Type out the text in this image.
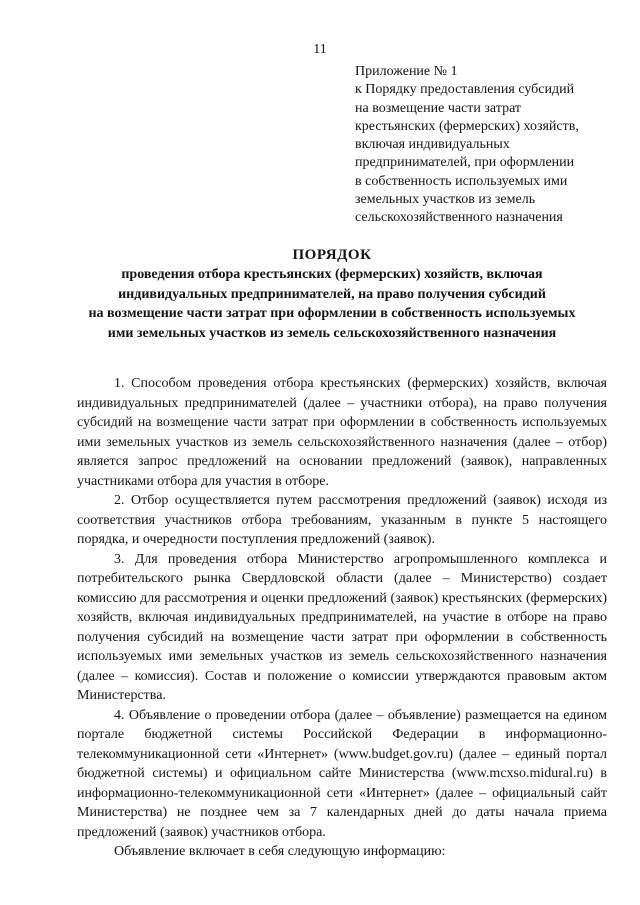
11
Приложение № 1
к Порядку предоставления субсидий
на возмещение части затрат
крестьянских (фермерских) хозяйств,
включая индивидуальных
предпринимателей, при оформлении
в собственность используемых ими
земельных участков из земель
сельскохозяйственного назначения
ПОРЯДОК
проведения отбора крестьянских (фермерских) хозяйств, включая
индивидуальных предпринимателей, на право получения субсидий
на возмещение части затрат при оформлении в собственность используемых
ими земельных участков из земель сельскохозяйственного назначения

1. Способом проведения отбора крестьянских (фермерских) хозяйств, включая индивидуальных предпринимателей (далее – участники отбора), на право получения субсидий на возмещение части затрат при оформлении в собственность используемых ими земельных участков из земель сельскохозяйственного назначения (далее – отбор) является запрос предложений на основании предложений (заявок), направленных участниками отбора для участия в отборе.

2. Отбор осуществляется путем рассмотрения предложений (заявок) исходя из соответствия участников отбора требованиям, указанным в пункте 5 настоящего порядка, и очередности поступления предложений (заявок).

3. Для проведения отбора Министерство агропромышленного комплекса и потребительского рынка Свердловской области (далее – Министерство) создает комиссию для рассмотрения и оценки предложений (заявок) крестьянских (фермерских) хозяйств, включая индивидуальных предпринимателей, на участие в отборе на право получения субсидий на возмещение части затрат при оформлении в собственность используемых ими земельных участков из земель сельскохозяйственного назначения (далее – комиссия). Состав и положение о комиссии утверждаются правовым актом Министерства.

4. Объявление о проведении отбора (далее – объявление) размещается на едином портале бюджетной системы Российской Федерации в информационно-телекоммуникационной сети «Интернет» (www.budget.gov.ru) (далее – единый портал бюджетной системы) и официальном сайте Министерства (www.mcxso.midural.ru) в информационно-телекоммуникационной сети «Интернет» (далее – официальный сайт Министерства) не позднее чем за 7 календарных дней до даты начала приема предложений (заявок) участников отбора.

Объявление включает в себя следующую информацию:
